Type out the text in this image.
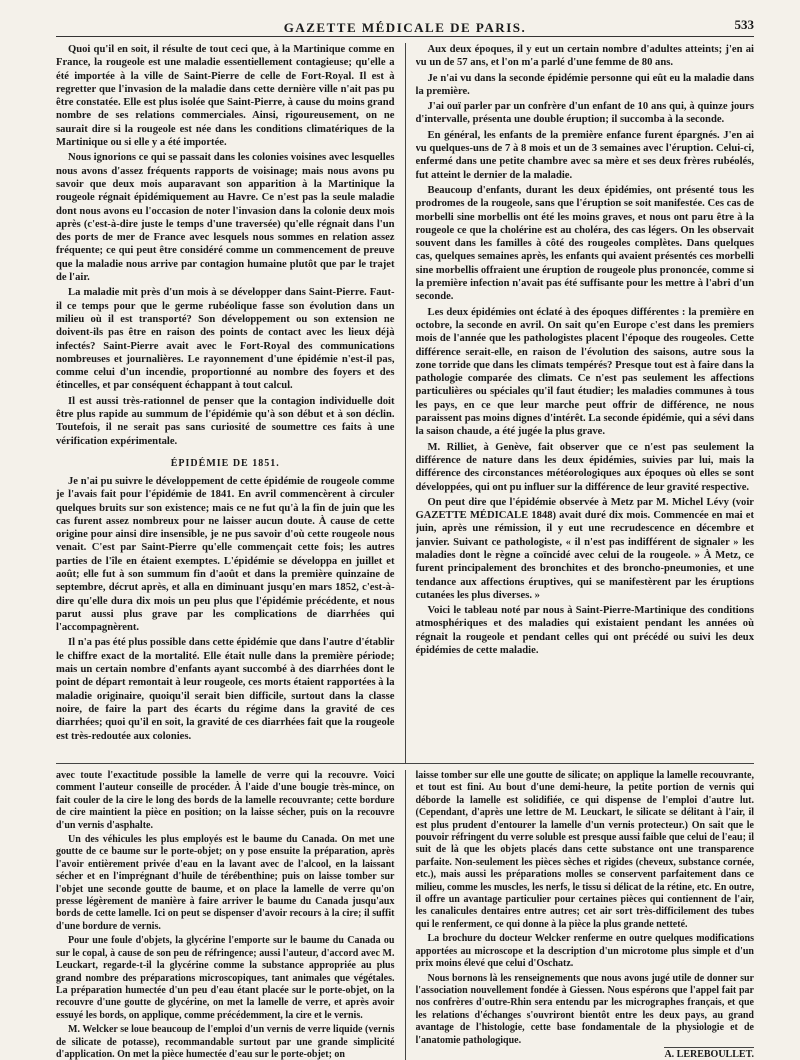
GAZETTE MÉDICALE DE PARIS.	533

Quoi qu'il en soit, il résulte de tout ceci que, à la Martinique comme en France, la rougeole est une maladie essentiellement contagieuse; qu'elle a été importée à la ville de Saint-Pierre de celle de Fort-Royal. Il est à regretter que l'invasion de la maladie dans cette dernière ville n'ait pas pu être constatée. Elle est plus isolée que Saint-Pierre, à cause du moins grand nombre de ses relations commerciales. Ainsi, rigoureusement, on ne saurait dire si la rougeole est née dans les conditions climatériques de la Martinique ou si elle y a été importée.

Nous ignorions ce qui se passait dans les colonies voisines avec lesquelles nous avons d'assez fréquents rapports de voisinage; mais nous avons pu savoir que deux mois auparavant son apparition à la Martinique la rougeole régnait épidémiquement au Havre. Ce n'est pas la seule maladie dont nous avons eu l'occasion de noter l'invasion dans la colonie deux mois après (c'est-à-dire juste le temps d'une traversée) qu'elle régnait dans l'un des ports de mer de France avec lesquels nous sommes en relation assez fréquente; ce qui peut être considéré comme un commencement de preuve que la maladie nous arrive par contagion humaine plutôt que par le trajet de l'air.

La maladie mit près d'un mois à se développer dans Saint-Pierre. Faut-il ce temps pour que le germe rubéolique fasse son évolution dans un milieu où il est transporté? Son développement ou son extension ne doivent-ils pas être en raison des points de contact avec les lieux déjà infectés? Saint-Pierre avait avec le Fort-Royal des communications nombreuses et journalières. Le rayonnement d'une épidémie n'est-il pas, comme celui d'un incendie, proportionné au nombre des foyers et des étincelles, et par conséquent échappant à tout calcul.

Il est aussi très-rationnel de penser que la contagion individuelle doit être plus rapide au summum de l'épidémie qu'à son début et à son déclin. Toutefois, il ne serait pas sans curiosité de soumettre ces faits à une vérification expérimentale.

ÉPIDÉMIE DE 1851.

Je n'ai pu suivre le développement de cette épidémie de rougeole comme je l'avais fait pour l'épidémie de 1841. En avril commencèrent à circuler quelques bruits sur son existence; mais ce ne fut qu'à la fin de juin que les cas furent assez nombreux pour ne laisser aucun doute. À cause de cette origine pour ainsi dire insensible, je ne pus savoir d'où cette rougeole nous venait. C'est par Saint-Pierre qu'elle commençait cette fois; les autres parties de l'île en étaient exemptes. L'épidémie se développa en juillet et août; elle fut à son summum fin d'août et dans la première quinzaine de septembre, décrut après, et alla en diminuant jusqu'en mars 1852, c'est-à-dire qu'elle dura dix mois un peu plus que l'épidémie précédente, et nous parut aussi plus grave par les complications de diarrhées qui l'accompagnèrent.

Il n'a pas été plus possible dans cette épidémie que dans l'autre d'établir le chiffre exact de la mortalité. Elle était nulle dans la première période; mais un certain nombre d'enfants ayant succombé à des diarrhées dont le point de départ remontait à leur rougeole, ces morts étaient rapportées à la maladie originaire, quoiqu'il serait bien difficile, surtout dans la classe noire, de faire la part des écarts du régime dans la gravité de ces diarrhées; quoi qu'il en soit, la gravité de ces diarrhées fait que la rougeole est très-redoutée aux colonies.

Aux deux époques, il y eut un certain nombre d'adultes atteints; j'en ai vu un de 57 ans, et l'on m'a parlé d'une femme de 80 ans.

Je n'ai vu dans la seconde épidémie personne qui eût eu la maladie dans la première.

J'ai ouï parler par un confrère d'un enfant de 10 ans qui, à quinze jours d'intervalle, présenta une double éruption; il succomba à la seconde.

En général, les enfants de la première enfance furent épargnés. J'en ai vu quelques-uns de 7 à 8 mois et un de 3 semaines avec l'éruption. Celui-ci, enfermé dans une petite chambre avec sa mère et ses deux frères rubéolés, fut atteint le dernier de la maladie.

Beaucoup d'enfants, durant les deux épidémies, ont présenté tous les prodromes de la rougeole, sans que l'éruption se soit manifestée. Ces cas de morbelli sine morbellis ont été les moins graves, et nous ont paru être à la rougeole ce que la cholérine est au choléra, des cas légers. On les observait souvent dans les familles à côté des rougeoles complètes. Dans quelques cas, quelques semaines après, les enfants qui avaient présentés ces morbelli sine morbellis offraient une éruption de rougeole plus prononcée, comme si la première infection n'avait pas été suffisante pour les mettre à l'abri d'un seconde.

Les deux épidémies ont éclaté à des époques différentes : la première en octobre, la seconde en avril. On sait qu'en Europe c'est dans les premiers mois de l'année que les pathologistes placent l'époque des rougeoles. Cette différence serait-elle, en raison de l'évolution des saisons, autre sous la zone torride que dans les climats tempérés? Presque tout est à faire dans la pathologie comparée des climats. Ce n'est pas seulement les affections particulières ou spéciales qu'il faut étudier; les maladies communes à tous les pays, en ce que leur marche peut offrir de différence, ne nous paraissent pas moins dignes d'intérêt. La seconde épidémie, qui a sévi dans la saison chaude, a été jugée la plus grave.

M. Rilliet, à Genève, fait observer que ce n'est pas seulement la différence de nature dans les deux épidémies, suivies par lui, mais la différence des circonstances météorologiques aux époques où elles se sont développées, qui ont pu influer sur la différence de leur gravité respective.

On peut dire que l'épidémie observée à Metz par M. Michel Lévy (voir GAZETTE MÉDICALE 1848) avait duré dix mois. Commencée en mai et juin, après une rémission, il y eut une recrudescence en décembre et janvier. Suivant ce pathologiste, « il n'est pas indifférent de signaler » les maladies dont le règne a coïncidé avec celui de la rougeole. » À Metz, ce furent principalement des bronchites et des broncho-pneumonies, et une tendance aux affections éruptives, qui se manifestèrent par les éruptions cutanées les plus diverses. »

Voici le tableau noté par nous à Saint-Pierre-Martinique des conditions atmosphériques et des maladies qui existaient pendant les années où régnait la rougeole et pendant celles qui ont précédé ou suivi les deux épidémies de cette maladie.

avec toute l'exactitude possible la lamelle de verre qui la recouvre. Voici comment l'auteur conseille de procéder. À l'aide d'une bougie très-mince, on fait couler de la cire le long des bords de la lamelle recouvrante; cette bordure de cire maintient la pièce en position; on la laisse sécher, puis on la recouvre d'un vernis d'asphalte.

Un des véhicules les plus employés est le baume du Canada. On met une goutte de ce baume sur le porte-objet; on y pose ensuite la préparation, après l'avoir entièrement privée d'eau en la lavant avec de l'alcool, en la laissant sécher et en l'imprégnant d'huile de térébenthine; puis on laisse tomber sur l'objet une seconde goutte de baume, et on place la lamelle de verre qu'on presse légèrement de manière à faire arriver le baume du Canada jusqu'aux bords de cette lamelle. Ici on peut se dispenser d'avoir recours à la cire; il suffit d'une bordure de vernis.

Pour une foule d'objets, la glycérine l'emporte sur le baume du Canada ou sur le copal, à cause de son peu de réfringence; aussi l'auteur, d'accord avec M. Leuckart, regarde-t-il la glycérine comme la substance appropriée au plus grand nombre des préparations microscopiques, tant animales que végétales. La préparation humectée d'un peu d'eau étant placée sur le porte-objet, on la recouvre d'une goutte de glycérine, on met la lamelle de verre, et après avoir essuyé les bords, on applique, comme précédemment, la cire et le vernis.

M. Welcker se loue beaucoup de l'emploi d'un vernis de verre liquide (vernis de silicate de potasse), recommandable surtout par une grande simplicité d'application. On met la pièce humectée d'eau sur le porte-objet; on

laisse tomber sur elle une goutte de silicate; on applique la lamelle recouvrante, et tout est fini. Au bout d'une demi-heure, la petite portion de vernis qui déborde la lamelle est solidifiée, ce qui dispense de l'emploi d'autre lut. (Cependant, d'après une lettre de M. Leuckart, le silicate se délitant à l'air, il est plus prudent d'entourer la lamelle d'un vernis protecteur.) On sait que le pouvoir réfringent du verre soluble est presque aussi faible que celui de l'eau; il suit de là que les objets placés dans cette substance ont une transparence parfaite. Non-seulement les pièces sèches et rigides (cheveux, substance cornée, etc.), mais aussi les préparations molles se conservent parfaitement dans ce milieu, comme les muscles, les nerfs, le tissu si délicat de la rétine, etc. En outre, il offre un avantage particulier pour certaines pièces qui contiennent de l'air, les canalicules dentaires entre autres; cet air sort très-difficilement des tubes qui le renferment, ce qui donne à la pièce la plus grande netteté.

La brochure du docteur Welcker renferme en outre quelques modifications apportées au microscope et la description d'un microtome plus simple et d'un prix moins élevé que celui d'Oschatz.

Nous bornons là les renseignements que nous avons jugé utile de donner sur l'association nouvellement fondée à Giessen. Nous espérons que l'appel fait par nos confrères d'outre-Rhin sera entendu par les micrographes français, et que les relations d'échanges s'ouvriront bientôt entre les deux pays, au grand avantage de l'histologie, cette base fondamentale de la physiologie et de l'anatomie pathologique.

A. LEREBOULLET.
